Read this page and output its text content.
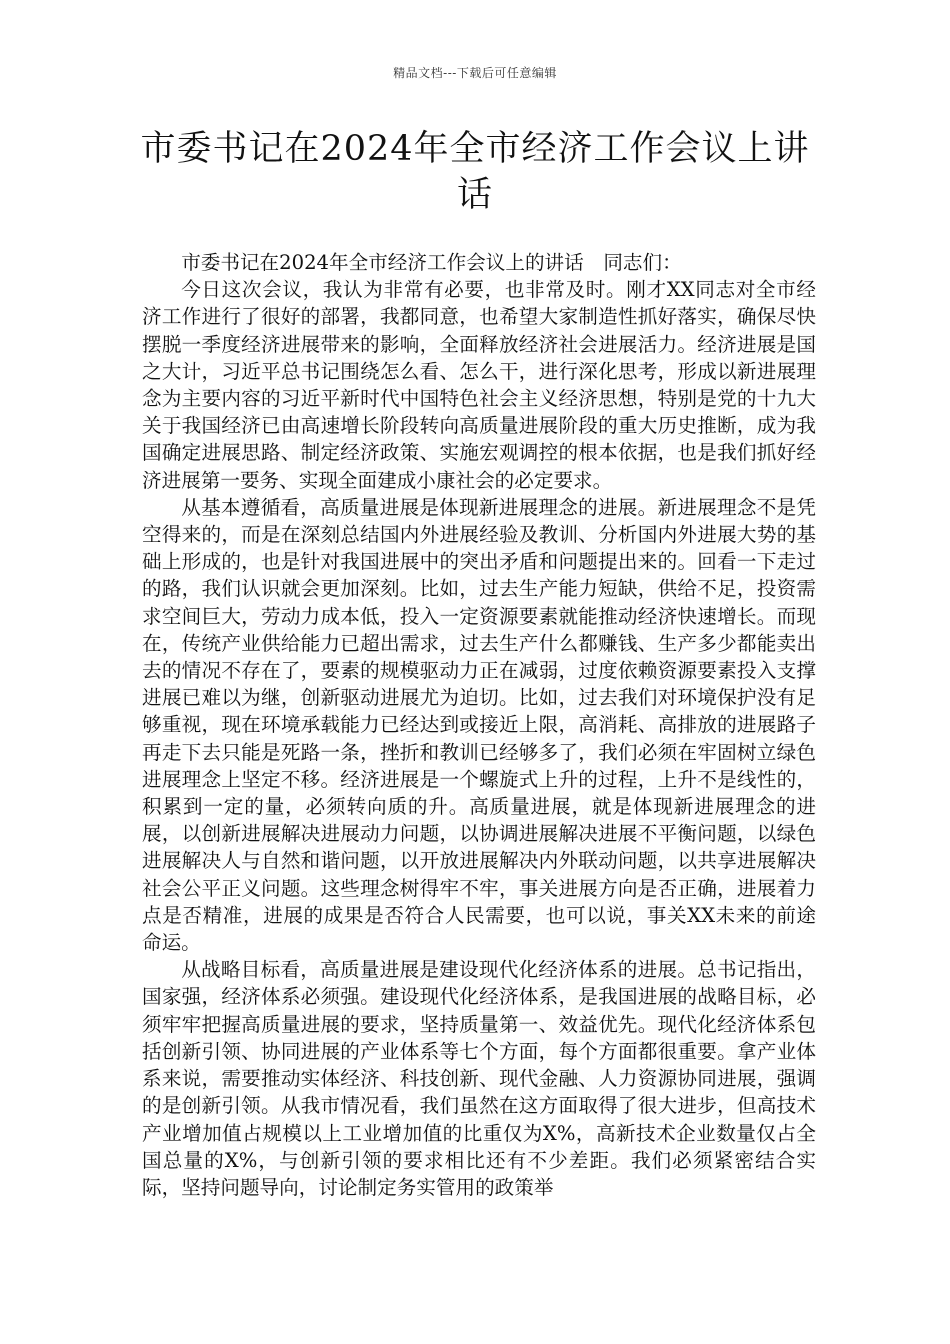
精品文档---下载后可任意编辑
市委书记在2024年全市经济工作会议上讲话

市委书记在2024年全市经济工作会议上的讲话　同志们：

今日这次会议，我认为非常有必要，也非常及时。刚才XX同志对全市经济工作进行了很好的部署，我都同意，也希望大家制造性抓好落实，确保尽快摆脱一季度经济进展带来的影响，全面释放经济社会进展活力。经济进展是国之大计，习近平总书记围绕怎么看、怎么干，进行深化思考，形成以新进展理念为主要内容的习近平新时代中国特色社会主义经济思想，特别是党的十九大关于我国经济已由高速增长阶段转向高质量进展阶段的重大历史推断，成为我国确定进展思路、制定经济政策、实施宏观调控的根本依据，也是我们抓好经济进展第一要务、实现全面建成小康社会的必定要求。

从基本遵循看，高质量进展是体现新进展理念的进展。新进展理念不是凭空得来的，而是在深刻总结国内外进展经验及教训、分析国内外进展大势的基础上形成的，也是针对我国进展中的突出矛盾和问题提出来的。回看一下走过的路，我们认识就会更加深刻。比如，过去生产能力短缺，供给不足，投资需求空间巨大，劳动力成本低，投入一定资源要素就能推动经济快速增长。而现在，传统产业供给能力已超出需求，过去生产什么都赚钱、生产多少都能卖出去的情况不存在了，要素的规模驱动力正在减弱，过度依赖资源要素投入支撑进展已难以为继，创新驱动进展尤为迫切。比如，过去我们对环境保护没有足够重视，现在环境承载能力已经达到或接近上限，高消耗、高排放的进展路子再走下去只能是死路一条，挫折和教训已经够多了，我们必须在牢固树立绿色进展理念上坚定不移。经济进展是一个螺旋式上升的过程，上升不是线性的，积累到一定的量，必须转向质的升。高质量进展，就是体现新进展理念的进展，以创新进展解决进展动力问题，以协调进展解决进展不平衡问题，以绿色进展解决人与自然和谐问题，以开放进展解决内外联动问题，以共享进展解决社会公平正义问题。这些理念树得牢不牢，事关进展方向是否正确，进展着力点是否精准，进展的成果是否符合人民需要，也可以说，事关XX未来的前途命运。

从战略目标看，高质量进展是建设现代化经济体系的进展。总书记指出，国家强，经济体系必须强。建设现代化经济体系，是我国进展的战略目标，必须牢牢把握高质量进展的要求，坚持质量第一、效益优先。现代化经济体系包括创新引领、协同进展的产业体系等七个方面，每个方面都很重要。拿产业体系来说，需要推动实体经济、科技创新、现代金融、人力资源协同进展，强调的是创新引领。从我市情况看，我们虽然在这方面取得了很大进步，但高技术产业增加值占规模以上工业增加值的比重仅为X%，高新技术企业数量仅占全国总量的X%，与创新引领的要求相比还有不少差距。我们必须紧密结合实际，坚持问题导向，讨论制定务实管用的政策举
